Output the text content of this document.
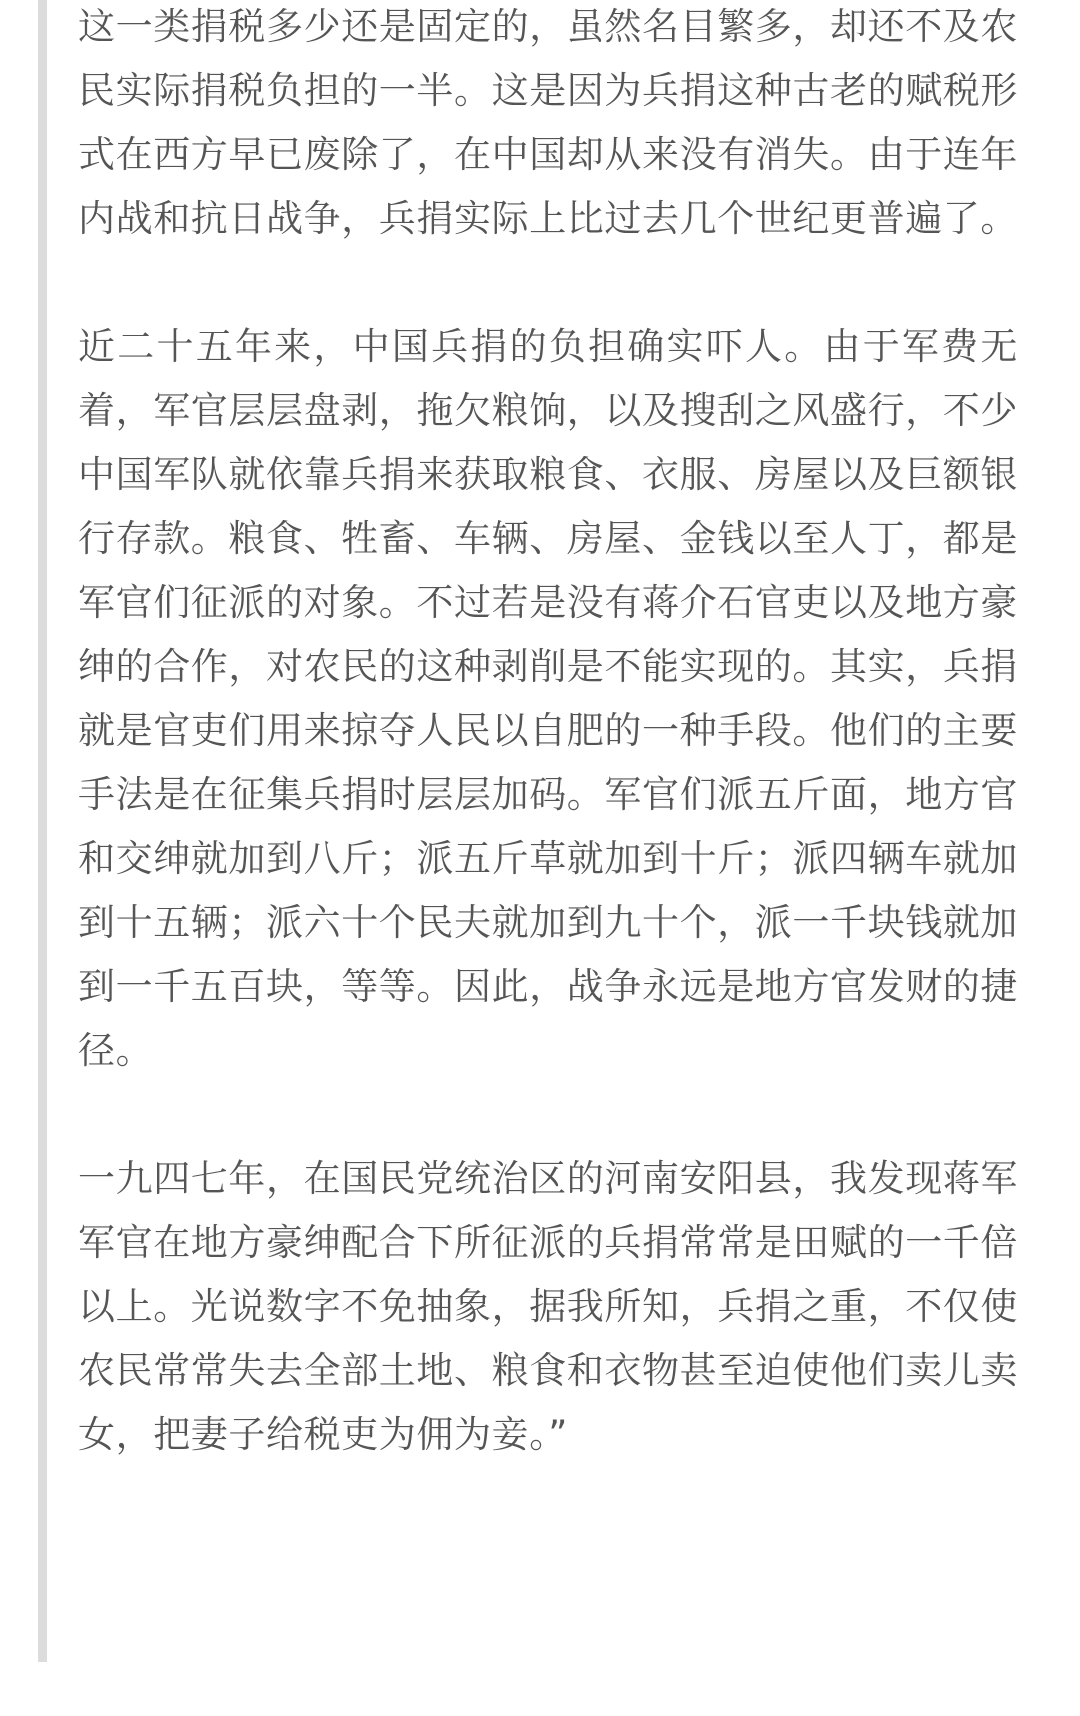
这一类捐税多少还是固定的，虽然名目繁多，却还不及农民实际捐税负担的一半。这是因为兵捐这种古老的赋税形式在西方早已废除了，在中国却从来没有消失。由于连年内战和抗日战争，兵捐实际上比过去几个世纪更普遍了。

近二十五年来，中国兵捐的负担确实吓人。由于军费无着，军官层层盘剥，拖欠粮饷，以及搜刮之风盛行，不少中国军队就依靠兵捐来获取粮食、衣服、房屋以及巨额银行存款。粮食、牲畜、车辆、房屋、金钱以至人丁，都是军官们征派的对象。不过若是没有蒋介石官吏以及地方豪绅的合作，对农民的这种剥削是不能实现的。其实，兵捐就是官吏们用来掠夺人民以自肥的一种手段。他们的主要手法是在征集兵捐时层层加码。军官们派五斤面，地方官和交绅就加到八斤；派五斤草就加到十斤；派四辆车就加到十五辆；派六十个民夫就加到九十个，派一千块钱就加到一千五百块，等等。因此，战争永远是地方官发财的捷径。

一九四七年，在国民党统治区的河南安阳县，我发现蒋军军官在地方豪绅配合下所征派的兵捐常常是田赋的一千倍以上。光说数字不免抽象，据我所知，兵捐之重，不仅使农民常常失去全部土地、粮食和衣物甚至迫使他们卖儿卖女，把妻子给税吏为佣为妾。”
